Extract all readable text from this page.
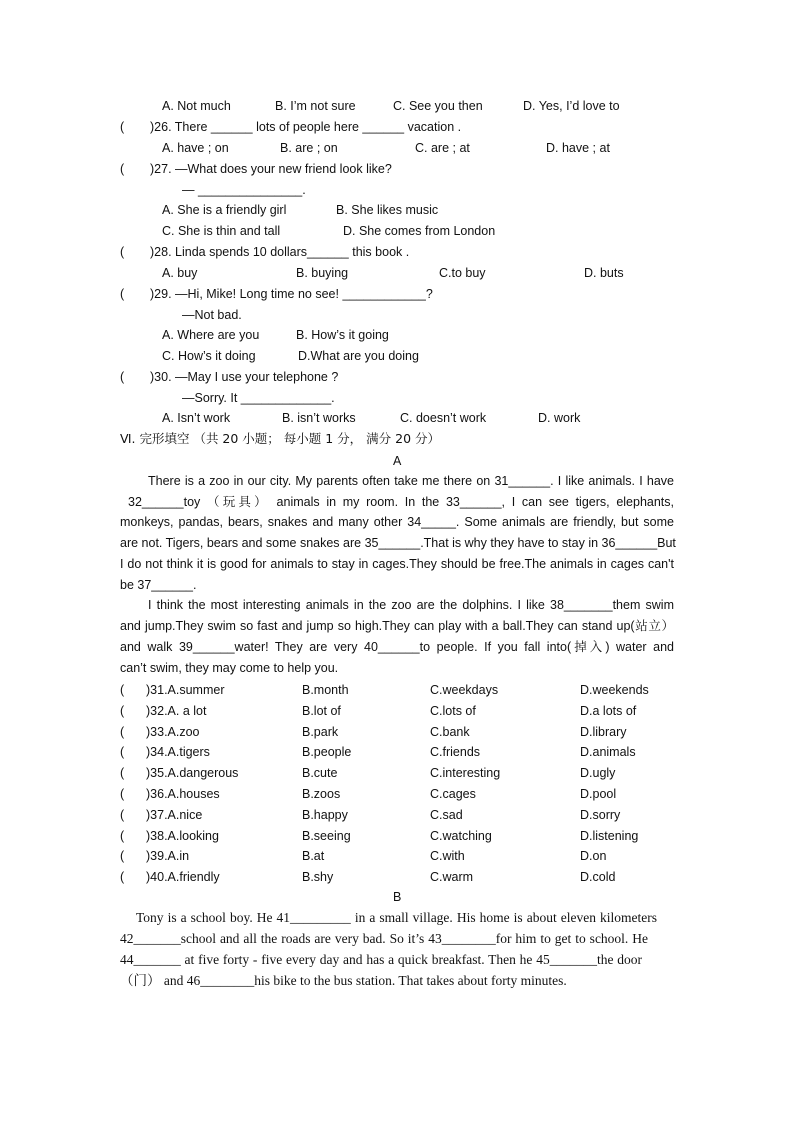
A. Not much	B. I’m not sure	C. See you then	D. Yes, I’d love to
( )26. There ______ lots of people here ______ vacation .
A. have ; on	B. are ; on	C. are ; at	D. have ; at
( )27. —What does your new friend look like?
— _______________.
A. She is a friendly girl	B. She likes music
C. She is thin and tall	D. She comes from London
( )28. Linda spends 10 dollars______ this book .
A. buy	B. buying	C.to buy	D. buts
( )29. —Hi, Mike! Long time no see! ____________?
—Not bad.
A. Where are you	B. How’s it going
C. How’s it doing	D.What are you doing
( )30. —May I use your telephone ?
—Sorry. It _____________.
A. Isn’t work	B. isn’t works	C. doesn’t work	D. work
Ⅵ. 完形填空 （共 20 小题； 每小题 1 分， 满分 20 分）
A
There is a zoo in our city. My parents often take me there on 31______. I like animals. I have
32______toy （玩具） animals in my room. In the 33______, I can see tigers, elephants,
monkeys, pandas, bears, snakes and many other 34_____. Some animals are friendly, but some
are not. Tigers, bears and some snakes are 35______.That is why they have to stay in 36______But
I do not think it is good for animals to stay in cages.They should be free.The animals in cages can't
be 37______.
I think the most interesting animals in the zoo are the dolphins. I like 38_______them swim
and jump.They swim so fast and jump so high.They can play with a ball.They can stand up(站立）
and walk 39______water! They are very 40______to people. If you fall into(掉入) water and
can’t swim, they may come to help you.
( )31.A.summer	B.month	C.weekdays	D.weekends
( )32.A. a lot	B.lot of	C.lots of	D.a lots of
( )33.A.zoo	B.park	C.bank	D.library
( )34.A.tigers	B.people	C.friends	D.animals
( )35.A.dangerous	B.cute	C.interesting	D.ugly
( )36.A.houses	B.zoos	C.cages	D.pool
( )37.A.nice	B.happy	C.sad	D.sorry
( )38.A.looking	B.seeing	C.watching	D.listening
( )39.A.in	B.at	C.with	D.on
( )40.A.friendly	B.shy	C.warm	D.cold
B
Tony is a school boy. He 41_________ in a small village. His home is about eleven kilometers
42_______school and all the roads are very bad. So it’s 43________for him to get to school. He
44_______ at five forty - five every day and has a quick breakfast. Then he 45_______the door
（门） and 46________his bike to the bus station. That takes about forty minutes.
